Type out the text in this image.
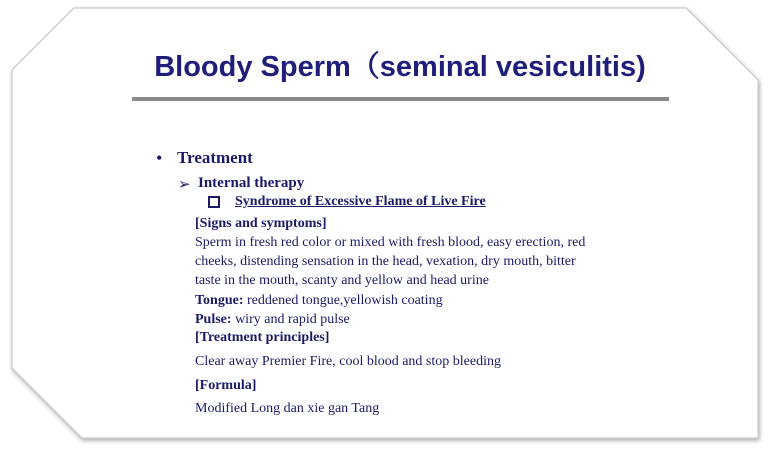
Bloody Sperm（seminal vesiculitis)
• Treatment
➢ Internal therapy
Syndrome of Excessive Flame of Live Fire
[Signs and symptoms]
Sperm in fresh red color or mixed with fresh blood, easy erection, red
cheeks, distending sensation in the head, vexation, dry mouth, bitter
taste in the mouth, scanty and yellow and head urine
Tongue: reddened tongue,yellowish coating
Pulse: wiry and rapid pulse
[Treatment principles]
Clear away Premier Fire, cool blood and stop bleeding
[Formula]
Modified Long dan xie gan Tang
